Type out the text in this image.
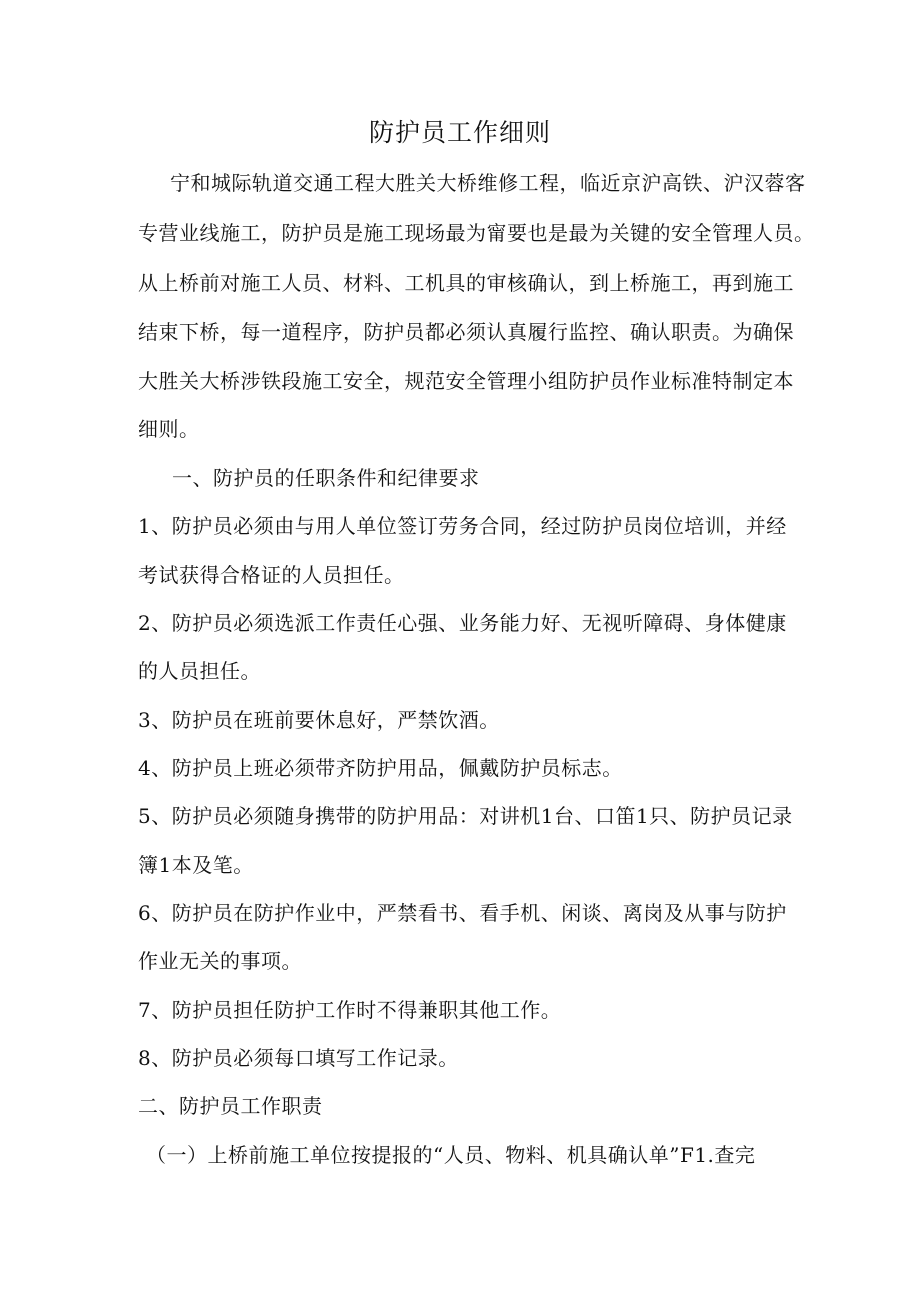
防护员工作细则
宁和城际轨道交通工程大胜关大桥维修工程，临近京沪高铁、沪汉蓉客
专营业线施工，防护员是施工现场最为甯要也是最为关键的安全管理人员。
从上桥前对施工人员、材料、工机具的审核确认，到上桥施工，再到施工
结束下桥，每一道程序，防护员都必须认真履行监控、确认职责。为确保
大胜关大桥涉铁段施工安全，规范安全管理小组防护员作业标准特制定本
细则。
一、防护员的任职条件和纪律要求
1、防护员必须由与用人单位签订劳务合同，经过防护员岗位培训，并经
考试获得合格证的人员担任。
2、防护员必须选派工作责任心强、业务能力好、无视听障碍、身体健康
的人员担任。
3、防护员在班前要休息好，严禁饮酒。
4、防护员上班必须带齐防护用品，佩戴防护员标志。
5、防护员必须随身携带的防护用品：对讲机1台、口笛1只、防护员记录
簿1本及笔。
6、防护员在防护作业中，严禁看书、看手机、闲谈、离岗及从事与防护
作业无关的事项。
7、防护员担任防护工作时不得兼职其他工作。
8、防护员必须每口填写工作记录。
二、防护员工作职责
（一）上桥前施工单位按提报的“人员、物料、机具确认单”F1.查完
